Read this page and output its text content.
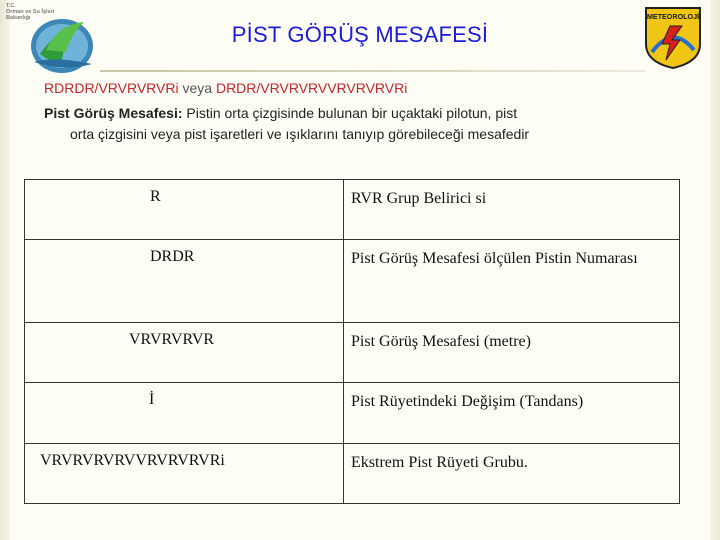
T.C.
Orman ve Su İşleri
Bakanlığı	METEOROLOJİ
PİST GÖRÜŞ MESAFESİ
RDRDR/VRVRVRVRi veya DRDR/VRVRVRVVRVRVRVRi
Pist Görüş Mesafesi: Pistin orta çizgisinde bulunan bir uçaktaki pilotun, pist
orta çizgisini veya pist işaretleri ve ışıklarını tanıyıp görebileceği mesafedir
R	RVR Grup Belirici si

DRDR	Pist Görüş Mesafesi ölçülen Pistin Numarası

VRVRVRVR	Pist Görüş Mesafesi (metre)

İ	Pist Rüyetindeki Değişim (Tandans)

VRVRVRVRVVRVRVRVRi	Ekstrem Pist Rüyeti Grubu.
